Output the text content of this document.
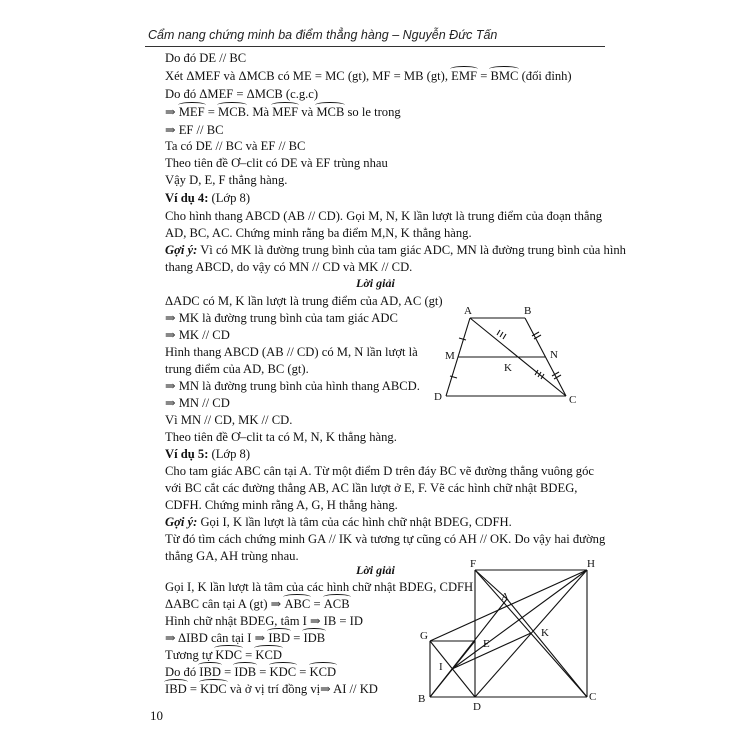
Cẩm nang chứng minh ba điểm thẳng hàng – Nguyễn Đức Tấn
Do đó DE // BC
Xét ΔMEF và ΔMCB có ME = MC (gt), MF = MB (gt), EMF = BMC (đối đỉnh)
Do đó ΔMEF = ΔMCB (c.g.c)
⇒ MEF = MCB. Mà MEF và MCB so le trong
⇒ EF // BC
Ta có DE // BC và EF // BC
Theo tiên đề Ơ–clit có DE và EF trùng nhau
Vậy D, E, F thẳng hàng.
Ví dụ 4: (Lớp 8)
Cho hình thang ABCD (AB // CD). Gọi M, N, K lần lượt là trung điểm của đoạn thẳng
AD, BC, AC. Chứng minh rằng ba điểm M,N, K thẳng hàng.
Gợi ý: Vì có MK là đường trung bình của tam giác ADC, MN là đường trung bình của hình
thang ABCD, do vậy có MN // CD và MK // CD.
Lời giải
ΔADC có M, K lần lượt là trung điểm của AD, AC (gt)
⇒ MK là đường trung bình của tam giác ADC
⇒ MK // CD
Hình thang ABCD (AB // CD) có M, N lần lượt là
trung điểm của AD, BC (gt).
⇒ MN là đường trung bình của hình thang ABCD.
⇒ MN // CD
Vì MN // CD, MK // CD.
Theo tiên đề Ơ–clit ta có M, N, K thẳng hàng.
Ví dụ 5: (Lớp 8)
Cho tam giác ABC cân tại A. Từ một điểm D trên đáy BC vẽ đường thẳng vuông góc
với BC cắt các đường thẳng AB, AC lần lượt ở E, F. Vẽ các hình chữ nhật BDEG,
CDFH. Chứng minh rằng A, G, H thẳng hàng.
Gợi ý: Gọi I, K lần lượt là tâm của các hình chữ nhật BDEG, CDFH.
Từ đó tìm cách chứng minh GA // IK và tương tự cũng có AH // OK. Do vậy hai đường
thẳng GA, AH trùng nhau.
Lời giải
Gọi I, K lần lượt là tâm của các hình chữ nhật BDEG, CDFH
ΔABC cân tại A (gt) ⇒ ABC = ACB
Hình chữ nhật BDEG, tâm I ⇒ IB = ID
⇒ ΔIBD cân tại I ⇒ IBD = IDB
Tương tự KDC = KCD
Do đó IBD = IDB = KDC = KCD
IBD = KDC và ở vị trí đồng vị⇒ AI // KD
10
A	B
M	N
K
D	C
F	H
A
G
E
K
I
B
D
C
